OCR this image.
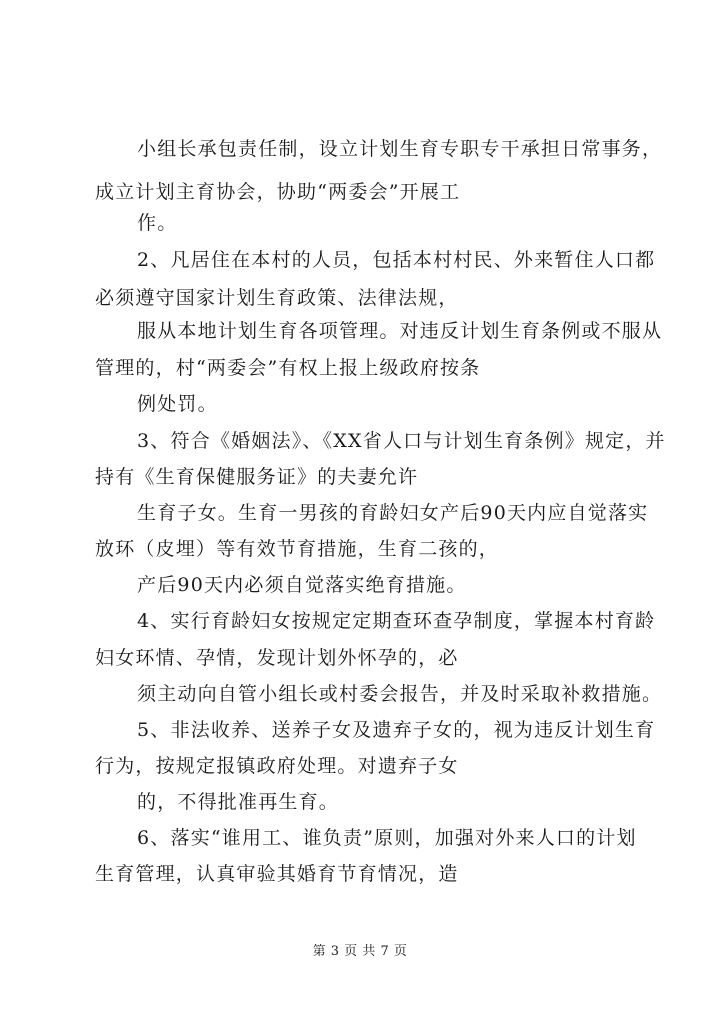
小组长承包责任制，设立计划生育专职专干承担日常事务，
成立计划主育协会，协助“两委会”开展工
作。
2、凡居住在本村的人员，包括本村村民、外来暂住人口都
必须遵守国家计划生育政策、法律法规，
服从本地计划生育各项管理。对违反计划生育条例或不服从
管理的，村“两委会”有权上报上级政府按条
例处罚。
3、符合《婚姻法》、《XX省人口与计划生育条例》规定，并
持有《生育保健服务证》的夫妻允许
生育子女。生育一男孩的育龄妇女产后90天内应自觉落实
放环（皮埋）等有效节育措施，生育二孩的，
产后90天内必须自觉落实绝育措施。
4、实行育龄妇女按规定定期查环查孕制度，掌握本村育龄
妇女环情、孕情，发现计划外怀孕的，必
须主动向自管小组长或村委会报告，并及时采取补救措施。
5、非法收养、送养子女及遗弃子女的，视为违反计划生育
行为，按规定报镇政府处理。对遗弃子女
的，不得批准再生育。
6、落实“谁用工、谁负责”原则，加强对外来人口的计划
生育管理，认真审验其婚育节育情况，造
第 3 页 共 7 页
